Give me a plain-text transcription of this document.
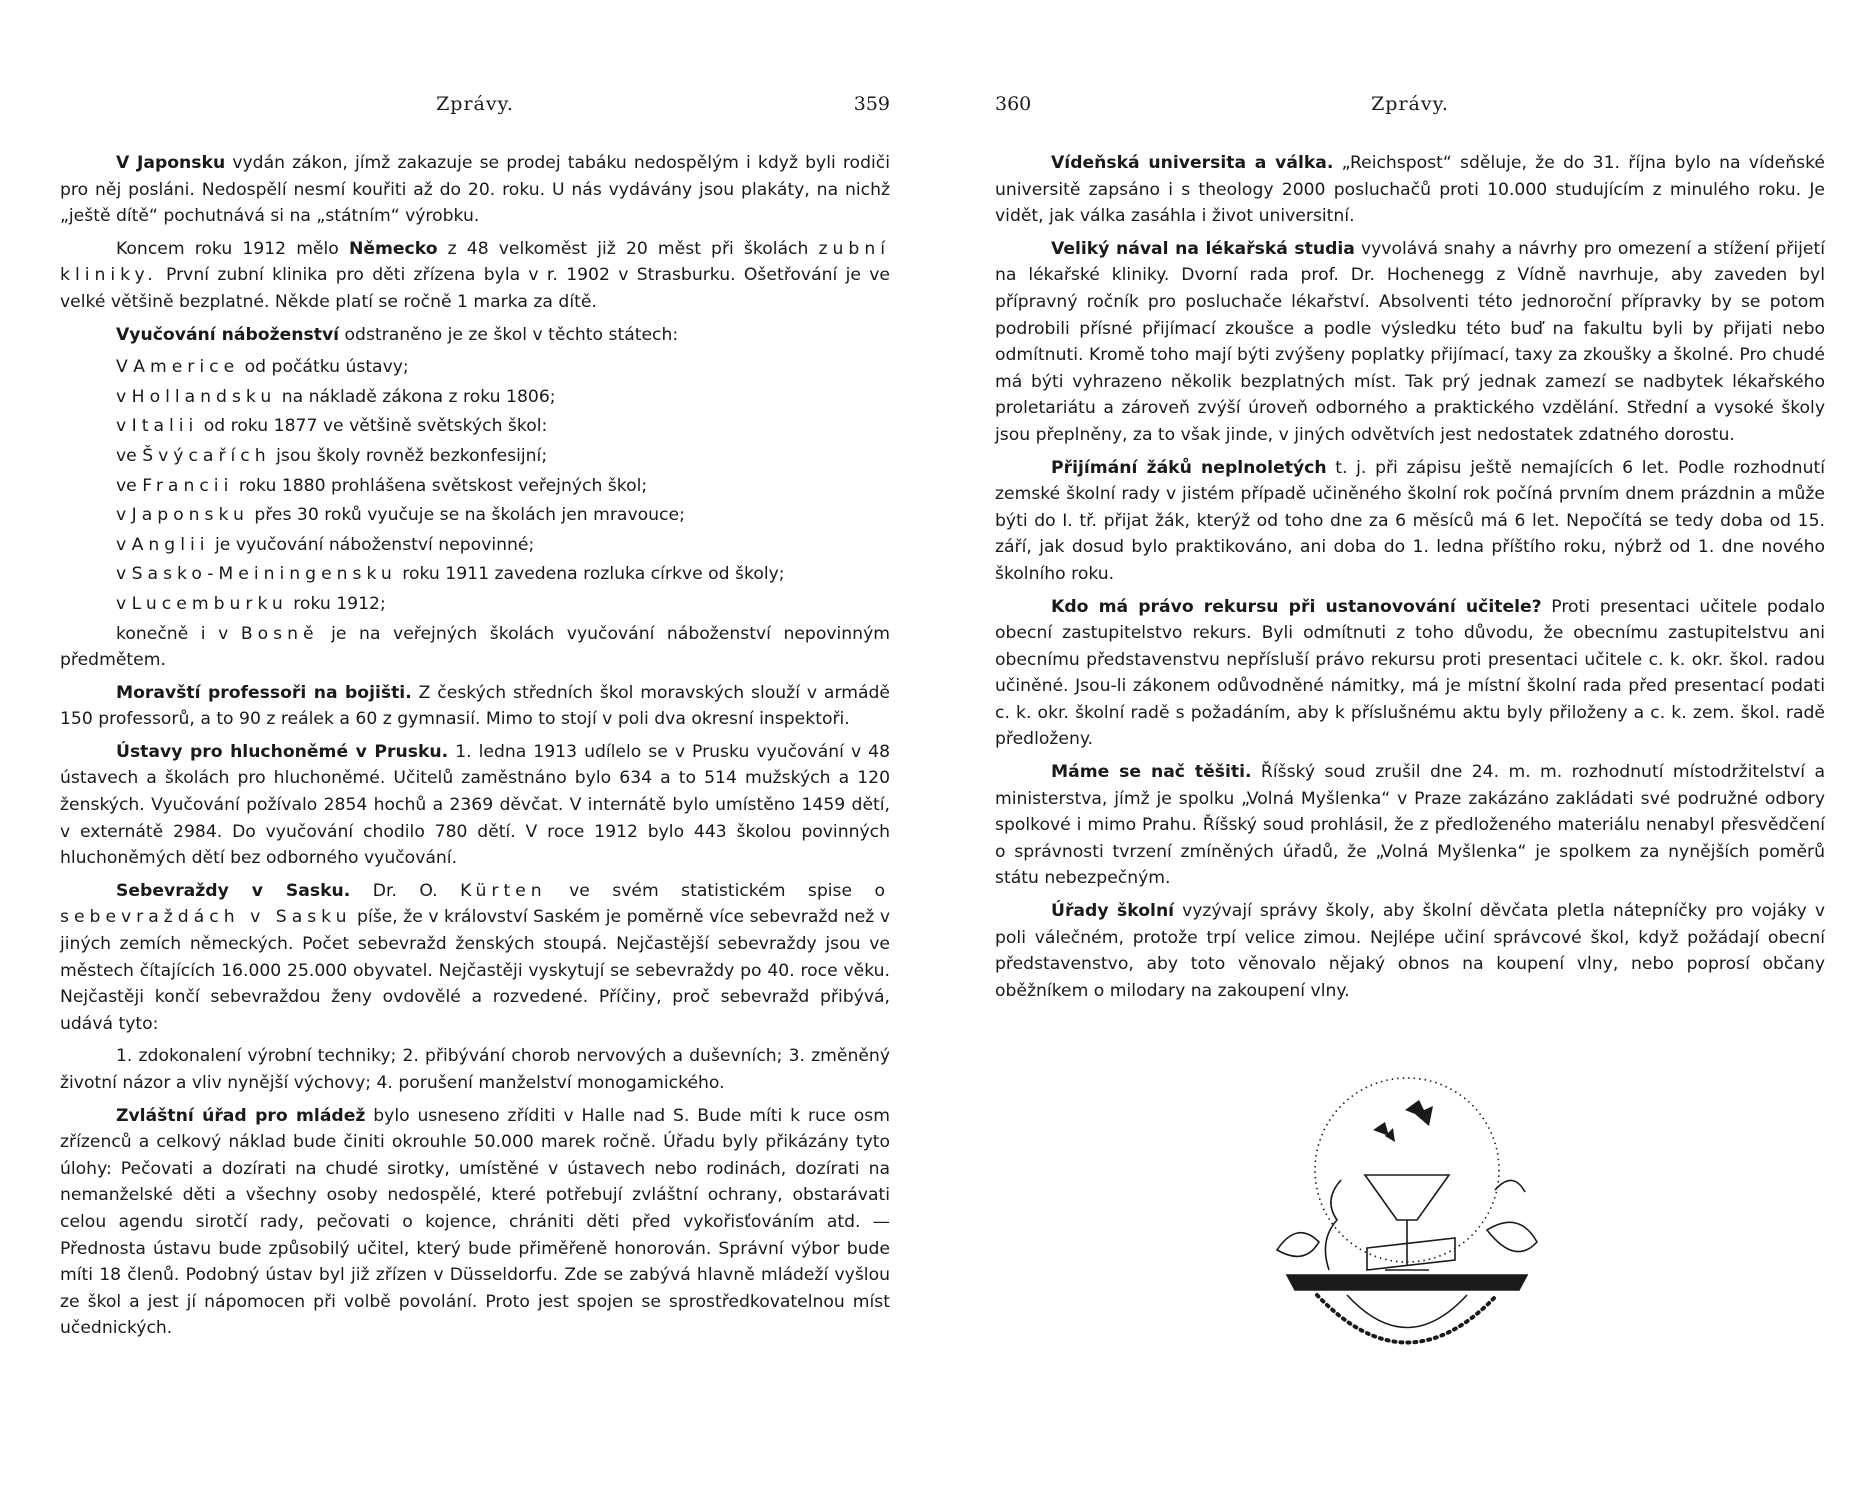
Zprávy.	359

V Japonsku vydán zákon, jímž zakazuje se prodej tabáku nedospělým i když byli rodiči pro něj posláni. Nedospělí nesmí kouřiti až do 20. roku. U nás vydávány jsou plakáty, na nichž „ještě dítě“ pochutnává si na „státním“ výrobku.

Koncem roku 1912 mělo Německo z 48 velkoměst již 20 měst při školách zubní kliniky. První zubní klinika pro děti zřízena byla v r. 1902 v Strasburku. Ošetřování je ve velké většině bezplatné. Někde platí se ročně 1 marka za dítě.

Vyučování náboženství odstraněno je ze škol v těchto státech:

V Americe od počátku ústavy;

v Hollandsku na nákladě zákona z roku 1806;

v Italii od roku 1877 ve většině světských škol:

ve Švýcařích jsou školy rovněž bezkonfesijní;

ve Francii roku 1880 prohlášena světskost veřejných škol;

v Japonsku přes 30 roků vyučuje se na školách jen mravouce;

v Anglii je vyučování náboženství nepovinné;

v Sasko-Meiningensku roku 1911 zavedena rozluka církve od školy;

v Lucemburku roku 1912;

konečně i v Bosně je na veřejných školách vyučování náboženství nepovinným předmětem.

Moravští professoři na bojišti. Z českých středních škol moravských slouží v armádě 150 professorů, a to 90 z reálek a 60 z gymnasií. Mimo to stojí v poli dva okresní inspektoři.

Ústavy pro hluchoněmé v Prusku. 1. ledna 1913 udílelo se v Prusku vyučování v 48 ústavech a školách pro hluchoněmé. Učitelů zaměstnáno bylo 634 a to 514 mužských a 120 ženských. Vyučování požívalo 2854 hochů a 2369 děvčat. V internátě bylo umístěno 1459 dětí, v externátě 2984. Do vyučování chodilo 780 dětí. V roce 1912 bylo 443 školou povinných hluchoněmých dětí bez odborného vyučování.

Sebevraždy v Sasku. Dr. O. Kürten ve svém statistickém spise o sebevraždách v Sasku píše, že v království Saském je poměrně více sebevražd než v jiných zemích německých. Počet sebevražd ženských stoupá. Nejčastější sebevraždy jsou ve městech čítajících 16.000 25.000 obyvatel. Nejčastěji vyskytují se sebevraždy po 40. roce věku. Nejčastěji končí sebevraždou ženy ovdovělé a rozvedené. Příčiny, proč sebevražd přibývá, udává tyto:

1. zdokonalení výrobní techniky; 2. přibývání chorob nervových a duševních; 3. změněný životní názor a vliv nynější výchovy; 4. porušení manželství monogamického.

Zvláštní úřad pro mládež bylo usneseno zříditi v Halle nad S. Bude míti k ruce osm zřízenců a celkový náklad bude činiti okrouhle 50.000 marek ročně. Úřadu byly přikázány tyto úlohy: Pečovati a dozírati na chudé sirotky, umístěné v ústavech nebo rodinách, dozírati na nemanželské děti a všechny osoby nedospělé, které potřebují zvláštní ochrany, obstarávati celou agendu sirotčí rady, pečovati o kojence, chrániti děti před vykořisťováním atd. — Přednosta ústavu bude způsobilý učitel, který bude přiměřeně honorován. Správní výbor bude míti 18 členů. Podobný ústav byl již zřízen v Düsseldorfu. Zde se zabývá hlavně mládeží vyšlou ze škol a jest jí nápomocen při volbě povolání. Proto jest spojen se sprostředkovatelnou míst učednických.

360	Zprávy.

Vídeňská universita a válka. „Reichspost“ sděluje, že do 31. října bylo na vídeňské universitě zapsáno i s theology 2000 posluchačů proti 10.000 studujícím z minulého roku. Je vidět, jak válka zasáhla i život universitní.

Veliký nával na lékařská studia vyvolává snahy a návrhy pro omezení a stížení přijetí na lékařské kliniky. Dvorní rada prof. Dr. Hochenegg z Vídně navrhuje, aby zaveden byl přípravný ročník pro posluchače lékařství. Absolventi této jednoroční přípravky by se potom podrobili přísné přijímací zkoušce a podle výsledku této buď na fakultu byli by přijati nebo odmítnuti. Kromě toho mají býti zvýšeny poplatky přijímací, taxy za zkoušky a školné. Pro chudé má býti vyhrazeno několik bezplatných míst. Tak prý jednak zamezí se nadbytek lékařského proletariátu a zároveň zvýší úroveň odborného a praktického vzdělání. Střední a vysoké školy jsou přeplněny, za to však jinde, v jiných odvětvích jest nedostatek zdatného dorostu.

Přijímání žáků neplnoletých t. j. při zápisu ještě nemajících 6 let. Podle rozhodnutí zemské školní rady v jistém případě učiněného školní rok počíná prvním dnem prázdnin a může býti do I. tř. přijat žák, kterýž od toho dne za 6 měsíců má 6 let. Nepočítá se tedy doba od 15. září, jak dosud bylo praktikováno, ani doba do 1. ledna příštího roku, nýbrž od 1. dne nového školního roku.

Kdo má právo rekursu při ustanovování učitele? Proti presentaci učitele podalo obecní zastupitelstvo rekurs. Byli odmítnuti z toho důvodu, že obecnímu zastupitelstvu ani obecnímu představenstvu nepřísluší právo rekursu proti presentaci učitele c. k. okr. škol. radou učiněné. Jsou-li zákonem odůvodněné námitky, má je místní školní rada před presentací podati c. k. okr. školní radě s požadáním, aby k příslušnému aktu byly přiloženy a c. k. zem. škol. radě předloženy.

Máme se nač těšiti. Říšský soud zrušil dne 24. m. m. rozhodnutí místodržitelství a ministerstva, jímž je spolku „Volná Myšlenka“ v Praze zakázáno zakládati své podružné odbory spolkové i mimo Prahu. Říšský soud prohlásil, že z předloženého materiálu nenabyl přesvědčení o správnosti tvrzení zmíněných úřadů, že „Volná Myšlenka“ je spolkem za nynějších poměrů státu nebezpečným.

Úřady školní vyzývají správy školy, aby školní děvčata pletla nátepníčky pro vojáky v poli válečném, protože trpí velice zimou. Nejlépe učiní správcové škol, když požádají obecní představenstvo, aby toto věnovalo nějaký obnos na koupení vlny, nebo poprosí občany oběžníkem o milodary na zakoupení vlny.
